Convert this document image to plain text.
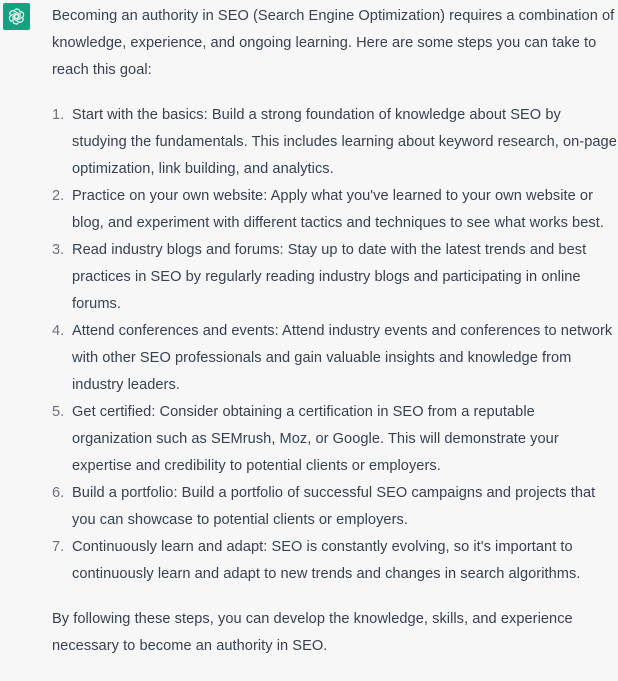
Becoming an authority in SEO (Search Engine Optimization) requires a combination of knowledge, experience, and ongoing learning. Here are some steps you can take to reach this goal:

1. Start with the basics: Build a strong foundation of knowledge about SEO by studying the fundamentals. This includes learning about keyword research, on-page optimization, link building, and analytics.
2. Practice on your own website: Apply what you've learned to your own website or blog, and experiment with different tactics and techniques to see what works best.
3. Read industry blogs and forums: Stay up to date with the latest trends and best practices in SEO by regularly reading industry blogs and participating in online forums.
4. Attend conferences and events: Attend industry events and conferences to network with other SEO professionals and gain valuable insights and knowledge from industry leaders.
5. Get certified: Consider obtaining a certification in SEO from a reputable organization such as SEMrush, Moz, or Google. This will demonstrate your expertise and credibility to potential clients or employers.
6. Build a portfolio: Build a portfolio of successful SEO campaigns and projects that you can showcase to potential clients or employers.
7. Continuously learn and adapt: SEO is constantly evolving, so it's important to continuously learn and adapt to new trends and changes in search algorithms.

By following these steps, you can develop the knowledge, skills, and experience necessary to become an authority in SEO.
